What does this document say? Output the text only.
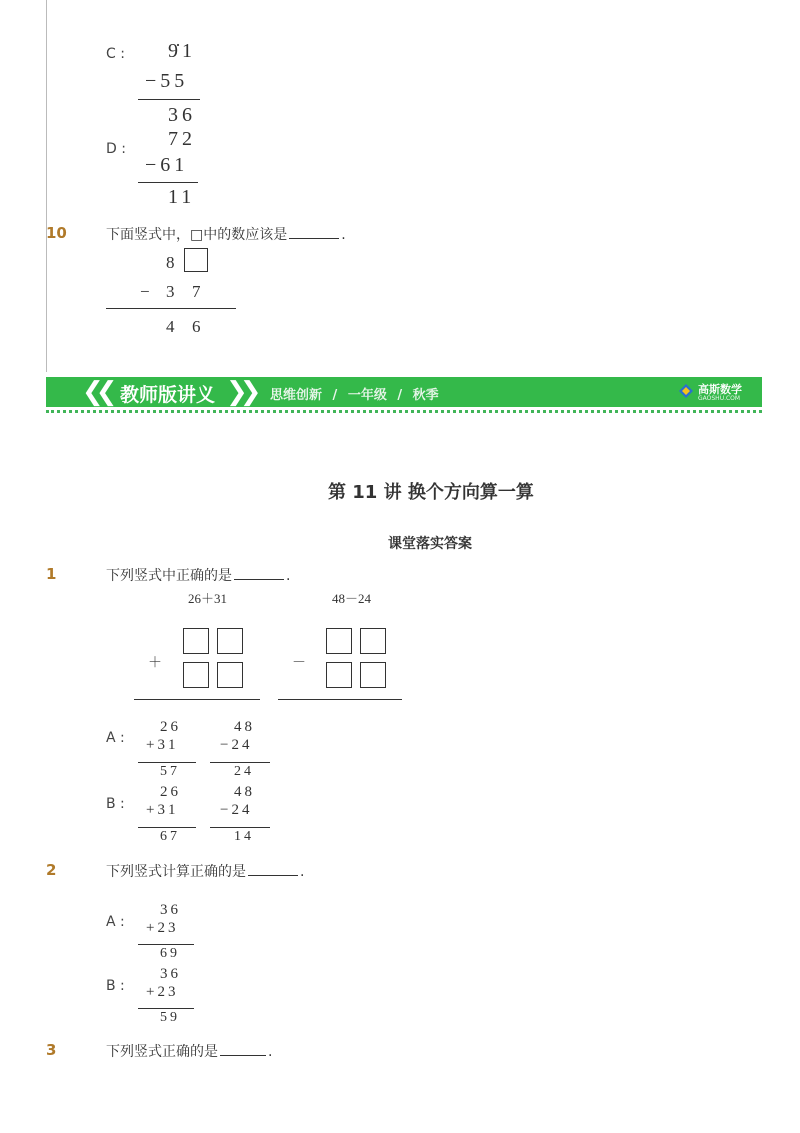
C : 9̇1
−55
36
D : 72
−61
11
10	下面竖式中，□中的数应该是	.
8
− 3 7
4 6
❮❮ 教师版讲义 ❯❯ 思维创新 / 一年级 / 秋季	高斯数学
GAOSHU.COM
第 11 讲 换个方向算一算
课堂落实答案
1	下列竖式中正确的是	.
26＋31	48－24
＋	－
A :
26
+31
57
48
−24
24
B :
26
+31
67
48
−24
14
2	下列竖式计算正确的是	.
A :
36
+23
69
B :
36
+23
59
3	下列竖式正确的是	.
